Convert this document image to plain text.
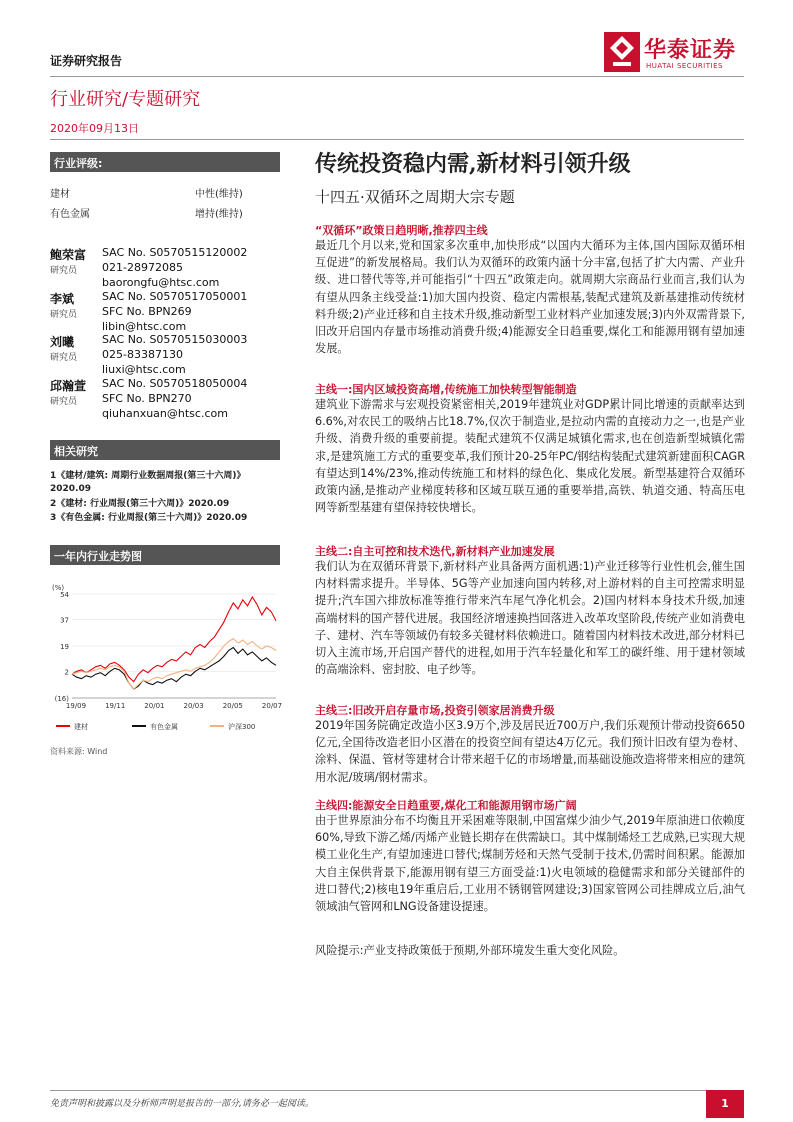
证券研究报告
行业研究/专题研究
2020年09月13日
华泰证券
HUATAI SECURITIES
行业评级:
建材	中性(维持)
有色金属	增持(维持)
鲍荣富
研究员
SAC No. S0570515120002
021-28972085
baorongfu@htsc.com
李斌
研究员
SAC No. S0570517050001
SFC No. BPN269
libin@htsc.com
刘曦
研究员
SAC No. S0570515030003
025-83387130
liuxi@htsc.com
邱瀚萱
研究员
SAC No. S0570518050004
SFC No. BPN270
qiuhanxuan@htsc.com
相关研究
1《建材/建筑: 周期行业数据周报(第三十六周)》2020.09
2《建材: 行业周报(第三十六周)》2020.09
3《有色金属: 行业周报(第三十六周)》2020.09
一年内行业走势图
(%)
54
37
19
2
(16)
19/09	19/11	20/01	20/03	20/05	20/07
建材	有色金属	沪深300
资料来源: Wind
传统投资稳内需,新材料引领升级
十四五·双循环之周期大宗专题
“双循环”政策日趋明晰,推荐四主线
最近几个月以来,党和国家多次重申,加快形成“以国内大循环为主体,国内国际双循环相互促进”的新发展格局。我们认为双循环的政策内涵十分丰富,包括了扩大内需、产业升级、进口替代等等,并可能指引“十四五”政策走向。就周期大宗商品行业而言,我们认为有望从四条主线受益:1)加大国内投资、稳定内需根基,装配式建筑及新基建推动传统材料升级;2)产业迁移和自主技术升级,推动新型工业材料产业加速发展;3)内外双需背景下,旧改开启国内存量市场推动消费升级;4)能源安全日趋重要,煤化工和能源用钢有望加速发展。
主线一:国内区域投资高增,传统施工加快转型智能制造
建筑业下游需求与宏观投资紧密相关,2019年建筑业对GDP累计同比增速的贡献率达到6.6%,对农民工的吸纳占比18.7%,仅次于制造业,是拉动内需的直接动力之一,也是产业升级、消费升级的重要前提。装配式建筑不仅满足城镇化需求,也在创造新型城镇化需求,是建筑施工方式的重要变革,我们预计20-25年PC/钢结构装配式建筑新建面积CAGR有望达到14%/23%,推动传统施工和材料的绿色化、集成化发展。新型基建符合双循环政策内涵,是推动产业梯度转移和区域互联互通的重要举措,高铁、轨道交通、特高压电网等新型基建有望保持较快增长。
主线二:自主可控和技术迭代,新材料产业加速发展
我们认为在双循环背景下,新材料产业具备两方面机遇:1)产业迁移等行业性机会,催生国内材料需求提升。半导体、5G等产业加速向国内转移,对上游材料的自主可控需求明显提升;汽车国六排放标准等推行带来汽车尾气净化机会。2)国内材料本身技术升级,加速高端材料的国产替代进展。我国经济增速换挡回落进入改革攻坚阶段,传统产业如消费电子、建材、汽车等领域仍有较多关键材料依赖进口。随着国内材料技术改进,部分材料已切入主流市场,开启国产替代的进程,如用于汽车轻量化和军工的碳纤维、用于建材领域的高端涂料、密封胶、电子纱等。
主线三:旧改开启存量市场,投资引领家居消费升级
2019年国务院确定改造小区3.9万个,涉及居民近700万户,我们乐观预计带动投资6650亿元,全国待改造老旧小区潜在的投资空间有望达4万亿元。我们预计旧改有望为卷材、涂料、保温、管材等建材合计带来超千亿的市场增量,而基础设施改造将带来相应的建筑用水泥/玻璃/钢材需求。
主线四:能源安全日趋重要,煤化工和能源用钢市场广阔
由于世界原油分布不均衡且开采困难等限制,中国富煤少油少气,2019年原油进口依赖度60%,导致下游乙烯/丙烯产业链长期存在供需缺口。其中煤制烯烃工艺成熟,已实现大规模工业化生产,有望加速进口替代;煤制芳烃和天然气受制于技术,仍需时间积累。能源加大自主保供背景下,能源用钢有望三方面受益:1)火电领域的稳健需求和部分关键部件的进口替代;2)核电19年重启后,工业用不锈钢管网建设;3)国家管网公司挂牌成立后,油气领域油气管网和LNG设备建设提速。
风险提示:产业支持政策低于预期,外部环境发生重大变化风险。
免责声明和披露以及分析师声明是报告的一部分,请务必一起阅读。	1
